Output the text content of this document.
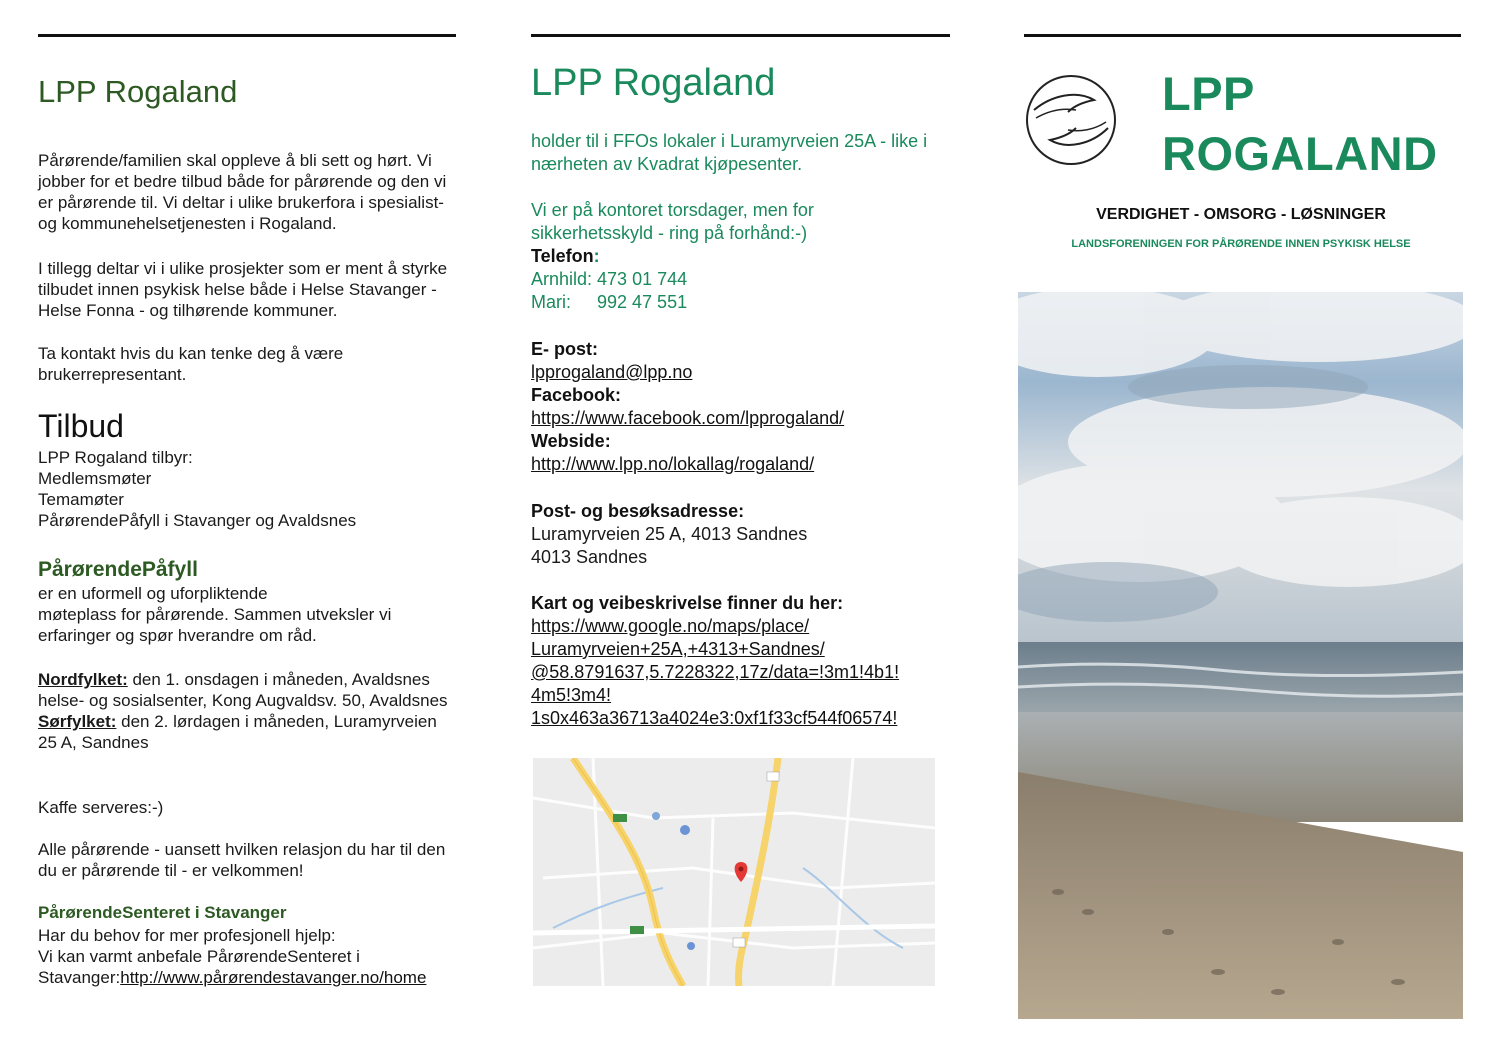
LPP Rogaland

Pårørende/familien skal oppleve å bli sett og hørt. Vi jobber for et bedre tilbud både for pårørende og den vi er pårørende til. Vi deltar i ulike brukerfora i spesialist- og kommunehelsetjenesten i Rogaland.

I tillegg deltar vi i ulike prosjekter som er ment å styrke tilbudet innen psykisk helse både i Helse Stavanger - Helse Fonna - og tilhørende kommuner.

Ta kontakt hvis du kan tenke deg å være brukerrepresentant.

Tilbud
LPP Rogaland tilbyr:
Medlemsmøter
Temamøter
PårørendePåfyll i Stavanger og Avaldsnes
PårørendePåfyll
er en uformell og uforpliktende
møteplass for pårørende. Sammen utveksler vi erfaringer og spør hverandre om råd.
Nordfylket: den 1. onsdagen i måneden, Avaldsnes helse- og sosialsenter, Kong Augvaldsv. 50, Avaldsnes
Sørfylket: den 2. lørdagen i måneden, Luramyrveien 25 A, Sandnes

Kaffe serveres:-)

Alle pårørende - uansett hvilken relasjon du har til den du er pårørende til - er velkommen!

PårørendeSenteret i Stavanger
Har du behov for mer profesjonell hjelp:
Vi kan varmt anbefale PårørendeSenteret i
Stavanger:http://www.pårørendestavanger.no/home
LPP Rogaland

holder til i FFOs lokaler i Luramyrveien 25A - like i nærheten av Kvadrat kjøpesenter.

Vi er på kontoret torsdager, men for sikkerhetsskyld - ring på forhånd:-)

Telefon:
Arnhild: 473 01 744
Mari: 992 47 551
E- post:
lpprogaland@lpp.no
Facebook:
https://www.facebook.com/lpprogaland/
Webside:
http://www.lpp.no/lokallag/rogaland/
Post- og besøksadresse:
Luramyrveien 25 A, 4013 Sandnes
4013 Sandnes
Kart og veibeskrivelse finner du her:
https://www.google.no/maps/place/
Luramyrveien+25A,+4313+Sandnes/
@58.8791637,5.7228322,17z/data=!3m1!4b1!
4m5!3m4!
1s0x463a36713a4024e3:0xf1f33cf544f06574!
LPP
ROGALAND
VERDIGHET - OMSORG - LØSNINGER
LANDSFORENINGEN FOR PÅRØRENDE INNEN PSYKISK HELSE
